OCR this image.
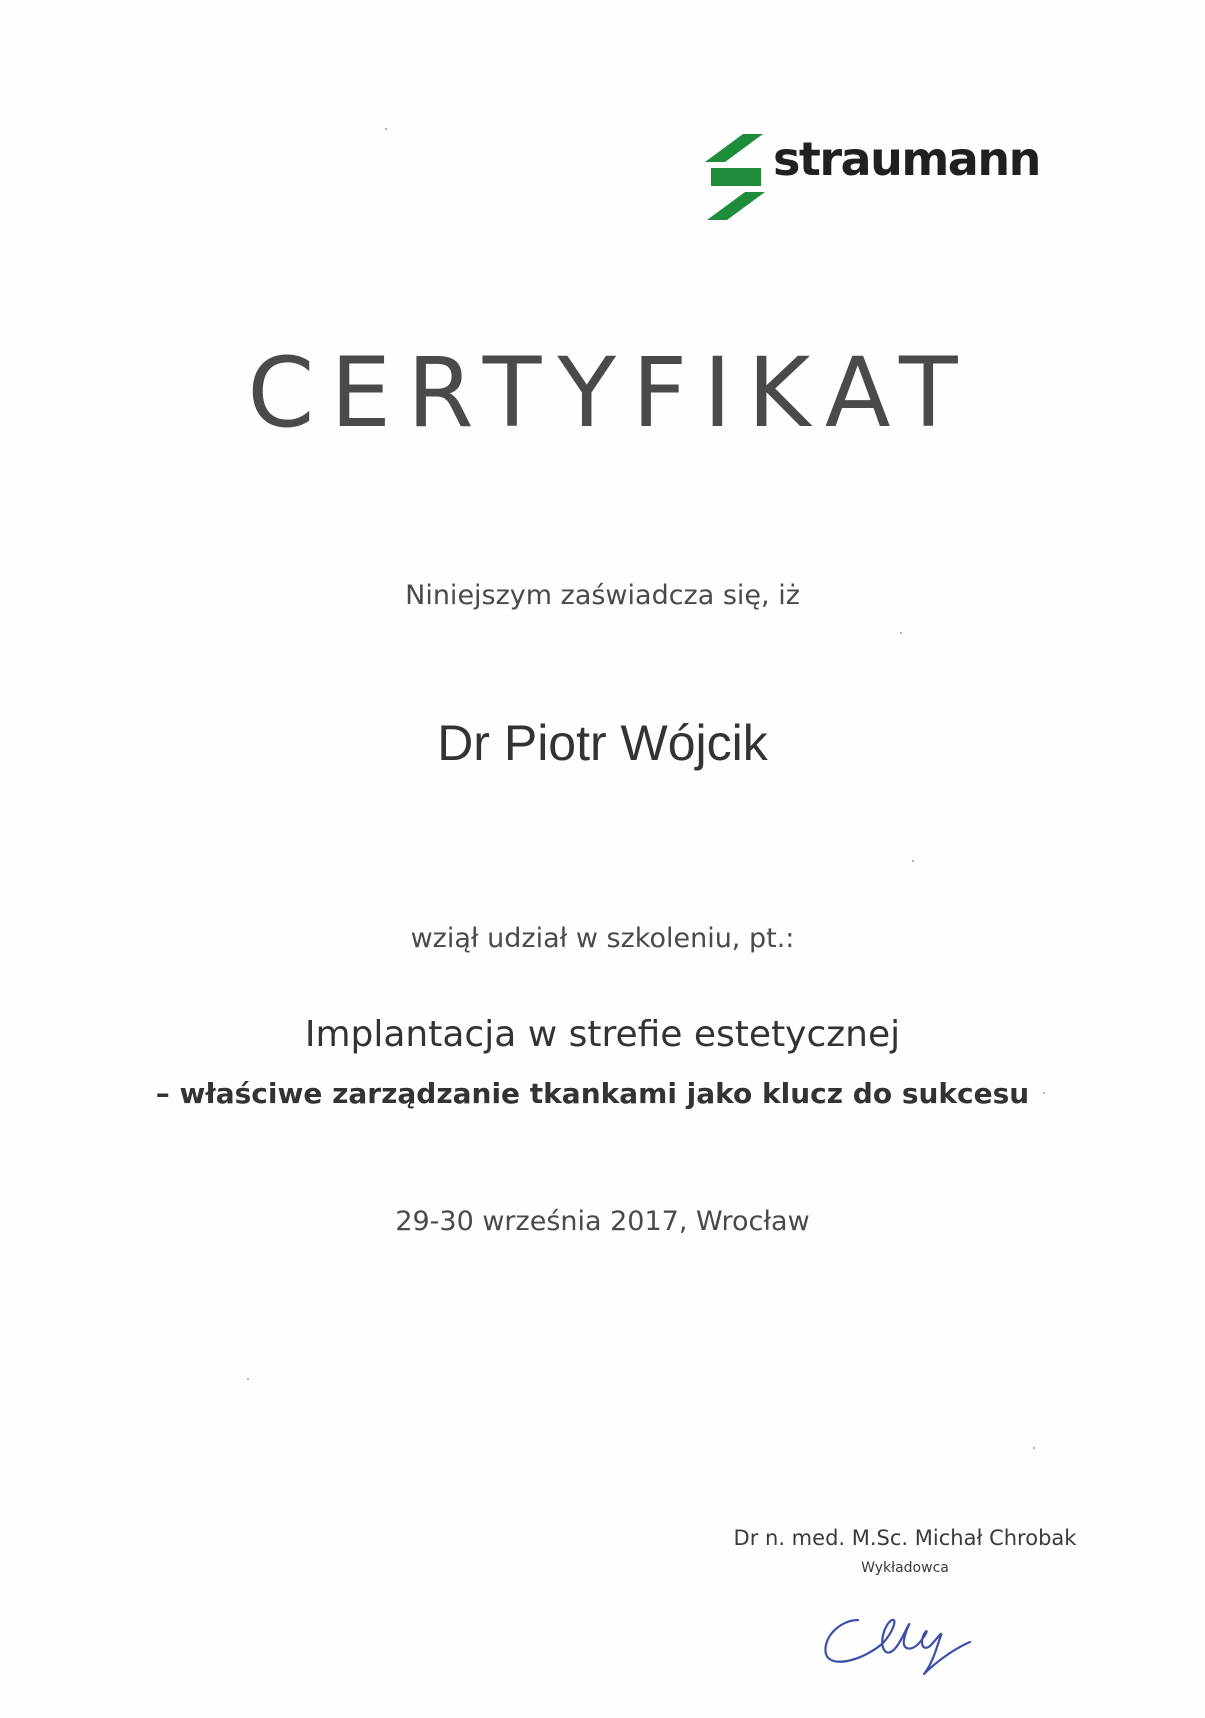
straumann
CERTYFIKAT
Niniejszym zaświadcza się, iż
Dr Piotr Wójcik
wziął udział w szkoleniu, pt.:
Implantacja w strefie estetycznej
– właściwe zarządzanie tkankami jako klucz do sukcesu
29-30 września 2017, Wrocław
Dr n. med. M.Sc. Michał Chrobak
Wykładowca
